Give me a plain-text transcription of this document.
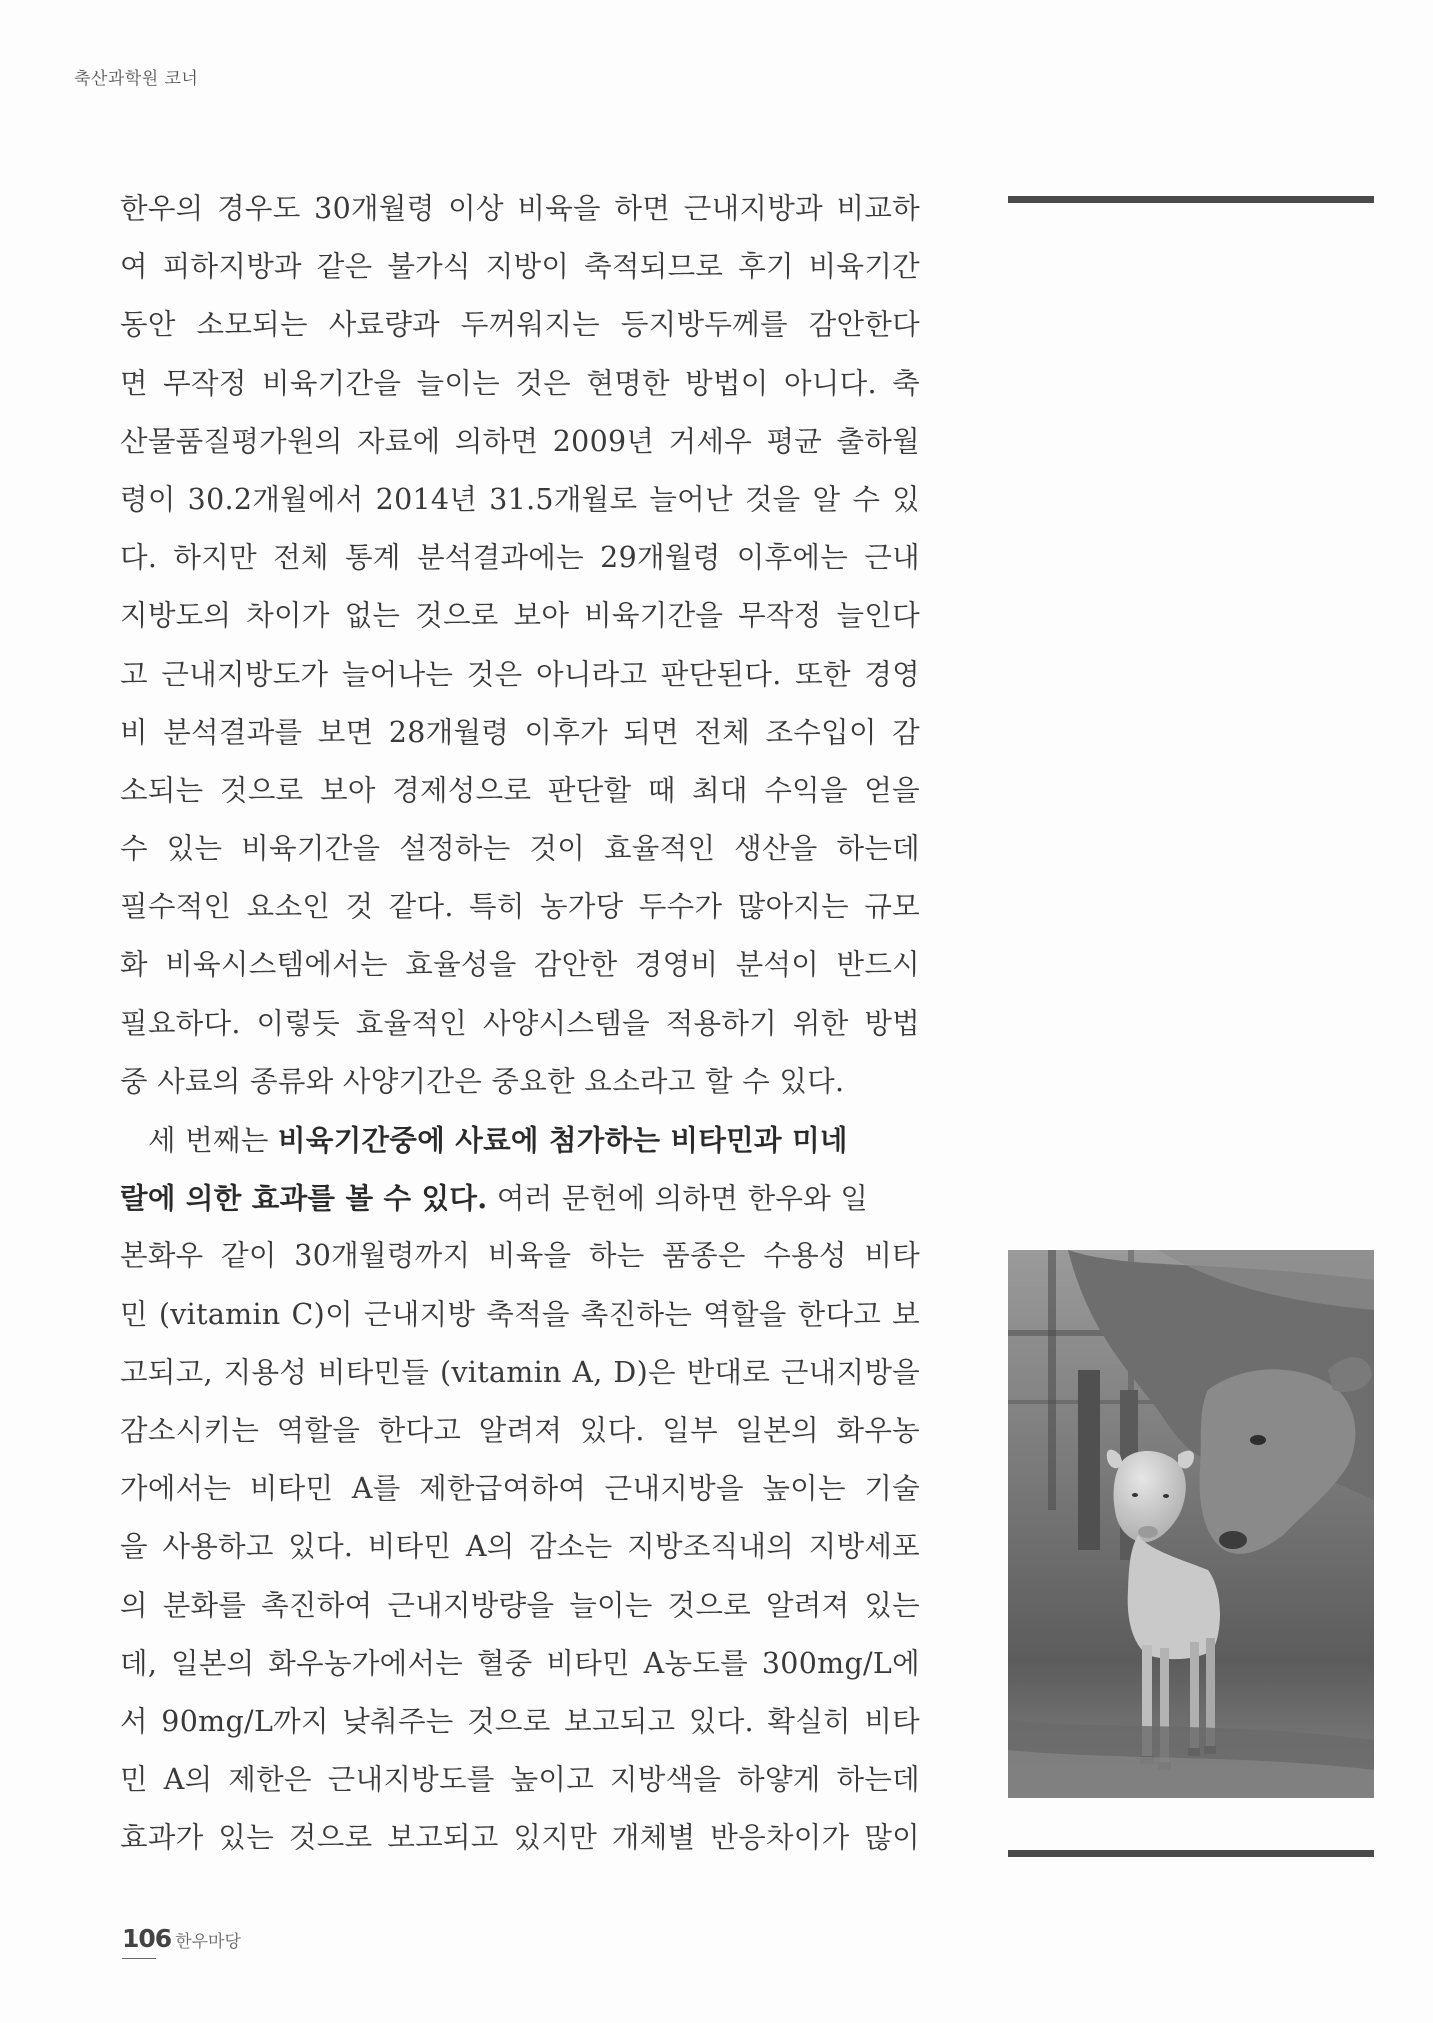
축산과학원 코너
한우의 경우도 30개월령 이상 비육을 하면 근내지방과 비교하
여 피하지방과 같은 불가식 지방이 축적되므로 후기 비육기간
동안 소모되는 사료량과 두꺼워지는 등지방두께를 감안한다
면 무작정 비육기간을 늘이는 것은 현명한 방법이 아니다. 축
산물품질평가원의 자료에 의하면 2009년 거세우 평균 출하월
령이 30.2개월에서 2014년 31.5개월로 늘어난 것을 알 수 있
다. 하지만 전체 통계 분석결과에는 29개월령 이후에는 근내
지방도의 차이가 없는 것으로 보아 비육기간을 무작정 늘인다
고 근내지방도가 늘어나는 것은 아니라고 판단된다. 또한 경영
비 분석결과를 보면 28개월령 이후가 되면 전체 조수입이 감
소되는 것으로 보아 경제성으로 판단할 때 최대 수익을 얻을
수 있는 비육기간을 설정하는 것이 효율적인 생산을 하는데
필수적인 요소인 것 같다. 특히 농가당 두수가 많아지는 규모
화 비육시스템에서는 효율성을 감안한 경영비 분석이 반드시
필요하다. 이렇듯 효율적인 사양시스템을 적용하기 위한 방법
중 사료의 종류와 사양기간은 중요한 요소라고 할 수 있다.
세 번째는 비육기간중에 사료에 첨가하는 비타민과 미네
랄에 의한 효과를 볼 수 있다. 여러 문헌에 의하면 한우와 일
본화우 같이 30개월령까지 비육을 하는 품종은 수용성 비타
민 (vitamin C)이 근내지방 축적을 촉진하는 역할을 한다고 보
고되고, 지용성 비타민들 (vitamin A, D)은 반대로 근내지방을
감소시키는 역할을 한다고 알려져 있다. 일부 일본의 화우농
가에서는 비타민 A를 제한급여하여 근내지방을 높이는 기술
을 사용하고 있다. 비타민 A의 감소는 지방조직내의 지방세포
의 분화를 촉진하여 근내지방량을 늘이는 것으로 알려져 있는
데, 일본의 화우농가에서는 혈중 비타민 A농도를 300mg/L에
서 90mg/L까지 낮춰주는 것으로 보고되고 있다. 확실히 비타
민 A의 제한은 근내지방도를 높이고 지방색을 하얗게 하는데
효과가 있는 것으로 보고되고 있지만 개체별 반응차이가 많이
106 한우마당
